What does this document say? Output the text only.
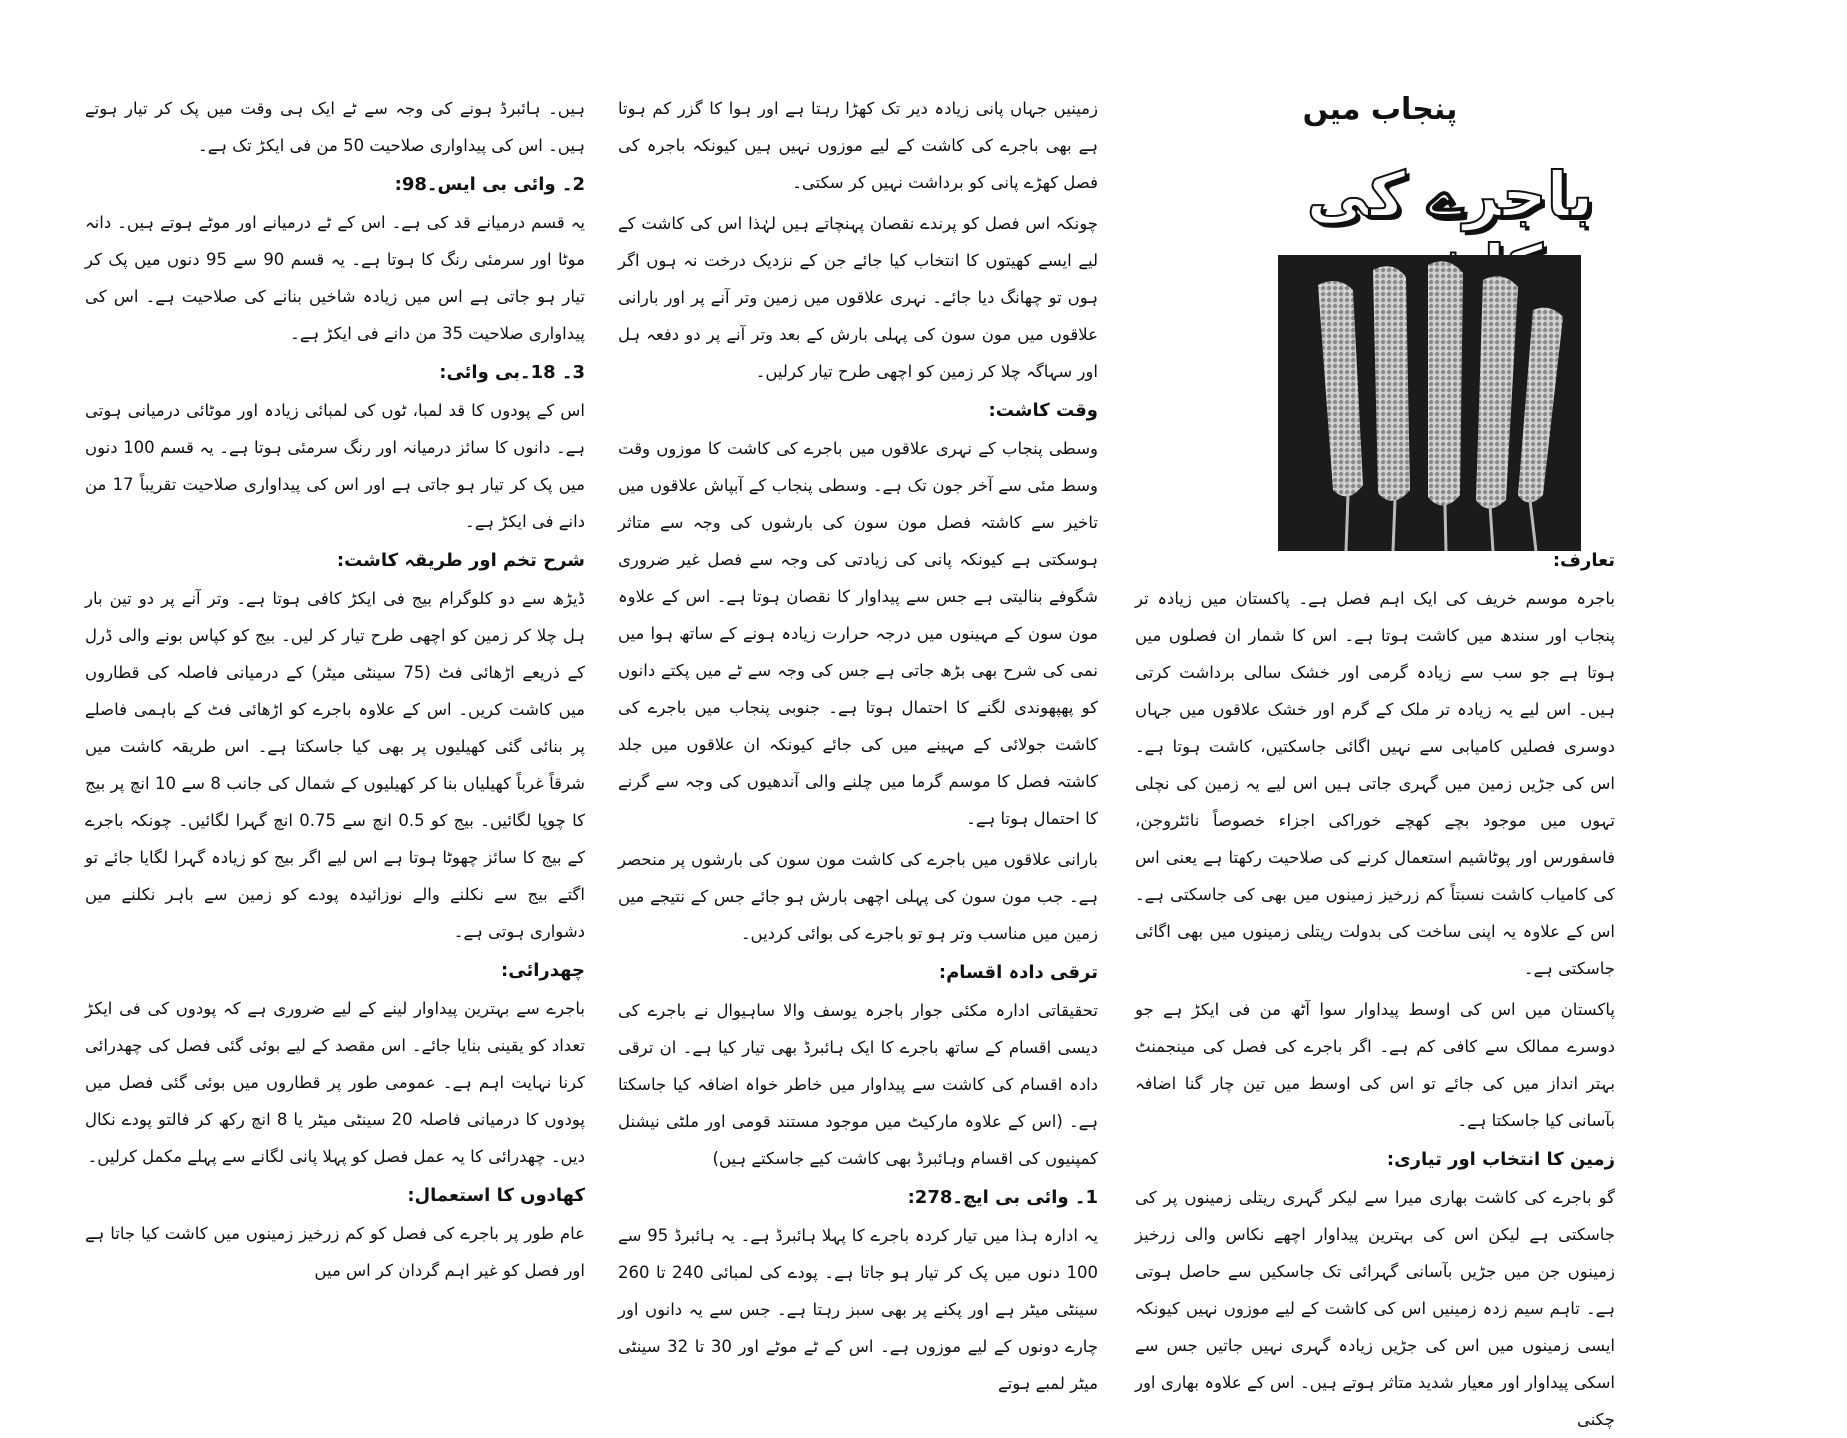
پنجاب میں
باجرے کی
تعارف:

باجرہ موسم خریف کی ایک اہم فصل ہے۔ پاکستان میں زیادہ تر پنجاب اور سندھ میں کاشت ہوتا ہے۔ اس کا شمار ان فصلوں میں ہوتا ہے جو سب سے زیادہ گرمی اور خشک سالی برداشت کرتی ہیں۔ اس لیے یہ زیادہ تر ملک کے گرم اور خشک علاقوں میں جہاں دوسری فصلیں کامیابی سے نہیں اگائی جاسکتیں، کاشت ہوتا ہے۔ اس کی جڑیں زمین میں گہری جاتی ہیں اس لیے یہ زمین کی نچلی تہوں میں موجود بچے کھچے خوراکی اجزاء خصوصاً نائٹروجن، فاسفورس اور پوٹاشیم استعمال کرنے کی صلاحیت رکھتا ہے یعنی اس کی کامیاب کاشت نسبتاً کم زرخیز زمینوں میں بھی کی جاسکتی ہے۔ اس کے علاوہ یہ اپنی ساخت کی بدولت ریتلی زمینوں میں بھی اگائی جاسکتی ہے۔

پاکستان میں اس کی اوسط پیداوار سوا آٹھ من فی ایکڑ ہے جو دوسرے ممالک سے کافی کم ہے۔ اگر باجرے کی فصل کی مینجمنٹ بہتر انداز میں کی جائے تو اس کی اوسط میں تین چار گنا اضافہ بآسانی کیا جاسکتا ہے۔

زمین کا انتخاب اور تیاری:

گو باجرے کی کاشت بھاری میرا سے لیکر گہری ریتلی زمینوں پر کی جاسکتی ہے لیکن اس کی بہترین پیداوار اچھے نکاس والی زرخیز زمینوں جن میں جڑیں بآسانی گہرائی تک جاسکیں سے حاصل ہوتی ہے۔ تاہم سیم زدہ زمینیں اس کی کاشت کے لیے موزوں نہیں کیونکہ ایسی زمینوں میں اس کی جڑیں زیادہ گہری نہیں جاتیں جس سے اسکی پیداوار اور معیار شدید متاثر ہوتے ہیں۔ اس کے علاوہ بھاری اور چکنی

زمینیں جہاں پانی زیادہ دیر تک کھڑا رہتا ہے اور ہوا کا گزر کم ہوتا ہے بھی باجرے کی کاشت کے لیے موزوں نہیں ہیں کیونکہ باجرہ کی فصل کھڑے پانی کو برداشت نہیں کر سکتی۔

چونکہ اس فصل کو پرندے نقصان پہنچاتے ہیں لہٰذا اس کی کاشت کے لیے ایسے کھیتوں کا انتخاب کیا جائے جن کے نزدیک درخت نہ ہوں اگر ہوں تو چھانگ دیا جائے۔ نہری علاقوں میں زمین وتر آنے پر اور بارانی علاقوں میں مون سون کی پہلی بارش کے بعد وتر آنے پر دو دفعہ ہل اور سہاگہ چلا کر زمین کو اچھی طرح تیار کرلیں۔

وقت کاشت:

وسطی پنجاب کے نہری علاقوں میں باجرے کی کاشت کا موزوں وقت وسط مئی سے آخر جون تک ہے۔ وسطی پنجاب کے آبپاش علاقوں میں تاخیر سے کاشتہ فصل مون سون کی بارشوں کی وجہ سے متاثر ہوسکتی ہے کیونکہ پانی کی زیادتی کی وجہ سے فصل غیر ضروری شگوفے بنالیتی ہے جس سے پیداوار کا نقصان ہوتا ہے۔ اس کے علاوہ مون سون کے مہینوں میں درجہ حرارت زیادہ ہونے کے ساتھ ہوا میں نمی کی شرح بھی بڑھ جاتی ہے جس کی وجہ سے ٹے میں پکتے دانوں کو پھپھوندی لگنے کا احتمال ہوتا ہے۔ جنوبی پنجاب میں باجرے کی کاشت جولائی کے مہینے میں کی جائے کیونکہ ان علاقوں میں جلد کاشتہ فصل کا موسم گرما میں چلنے والی آندھیوں کی وجہ سے گرنے کا احتمال ہوتا ہے۔

بارانی علاقوں میں باجرے کی کاشت مون سون کی بارشوں پر منحصر ہے۔ جب مون سون کی پہلی اچھی بارش ہو جائے جس کے نتیجے میں زمین میں مناسب وتر ہو تو باجرے کی بوائی کردیں۔

ترقی دادہ اقسام:

تحقیقاتی ادارہ مکئی جوار باجرہ یوسف والا ساہیوال نے باجرے کی دیسی اقسام کے ساتھ باجرے کا ایک ہائبرڈ بھی تیار کیا ہے۔ ان ترقی دادہ اقسام کی کاشت سے پیداوار میں خاطر خواہ اضافہ کیا جاسکتا ہے۔ (اس کے علاوہ مارکیٹ میں موجود مستند قومی اور ملٹی نیشنل کمپنیوں کی اقسام وہائبرڈ بھی کاشت کیے جاسکتے ہیں)

1۔ وائی بی ایچ۔278:

یہ ادارہ ہذا میں تیار کردہ باجرے کا پہلا ہائبرڈ ہے۔ یہ ہائبرڈ 95 سے 100 دنوں میں پک کر تیار ہو جاتا ہے۔ پودے کی لمبائی 240 تا 260 سینٹی میٹر ہے اور پکنے پر بھی سبز رہتا ہے۔ جس سے یہ دانوں اور چارے دونوں کے لیے موزوں ہے۔ اس کے ٹے موٹے اور 30 تا 32 سینٹی میٹر لمبے ہوتے

ہیں۔ ہائبرڈ ہونے کی وجہ سے ٹے ایک ہی وقت میں پک کر تیار ہوتے ہیں۔ اس کی پیداواری صلاحیت 50 من فی ایکڑ تک ہے۔

2۔ وائی بی ایس۔98:

یہ قسم درمیانے قد کی ہے۔ اس کے ٹے درمیانے اور موٹے ہوتے ہیں۔ دانہ موٹا اور سرمئی رنگ کا ہوتا ہے۔ یہ قسم 90 سے 95 دنوں میں پک کر تیار ہو جاتی ہے اس میں زیادہ شاخیں بنانے کی صلاحیت ہے۔ اس کی پیداواری صلاحیت 35 من دانے فی ایکڑ ہے۔

3۔ 18۔بی وائی:

اس کے پودوں کا قد لمبا، ٹوں کی لمبائی زیادہ اور موٹائی درمیانی ہوتی ہے۔ دانوں کا سائز درمیانہ اور رنگ سرمئی ہوتا ہے۔ یہ قسم 100 دنوں میں پک کر تیار ہو جاتی ہے اور اس کی پیداواری صلاحیت تقریباً 17 من دانے فی ایکڑ ہے۔

شرح تخم اور طریقہ کاشت:

ڈیڑھ سے دو کلوگرام بیج فی ایکڑ کافی ہوتا ہے۔ وتر آنے پر دو تین بار ہل چلا کر زمین کو اچھی طرح تیار کر لیں۔ بیج کو کپاس بونے والی ڈرل کے ذریعے اڑھائی فٹ (75 سینٹی میٹر) کے درمیانی فاصلہ کی قطاروں میں کاشت کریں۔ اس کے علاوہ باجرے کو اڑھائی فٹ کے باہمی فاصلے پر بنائی گئی کھیلیوں پر بھی کیا جاسکتا ہے۔ اس طریقہ کاشت میں شرقاً غرباً کھیلیاں بنا کر کھیلیوں کے شمال کی جانب 8 سے 10 انچ پر بیج کا چوپا لگائیں۔ بیج کو 0.5 انچ سے 0.75 انچ گہرا لگائیں۔ چونکہ باجرے کے بیج کا سائز چھوٹا ہوتا ہے اس لیے اگر بیج کو زیادہ گہرا لگایا جائے تو اگتے بیج سے نکلنے والے نوزائیدہ پودے کو زمین سے باہر نکلنے میں دشواری ہوتی ہے۔

چھدرائی:

باجرے سے بہترین پیداوار لینے کے لیے ضروری ہے کہ پودوں کی فی ایکڑ تعداد کو یقینی بنایا جائے۔ اس مقصد کے لیے بوئی گئی فصل کی چھدرائی کرنا نہایت اہم ہے۔ عمومی طور پر قطاروں میں بوئی گئی فصل میں پودوں کا درمیانی فاصلہ 20 سینٹی میٹر یا 8 انچ رکھ کر فالتو پودے نکال دیں۔ چھدرائی کا یہ عمل فصل کو پہلا پانی لگانے سے پہلے مکمل کرلیں۔

کھادوں کا استعمال:

عام طور پر باجرے کی فصل کو کم زرخیز زمینوں میں کاشت کیا جاتا ہے اور فصل کو غیر اہم گردان کر اس میں
